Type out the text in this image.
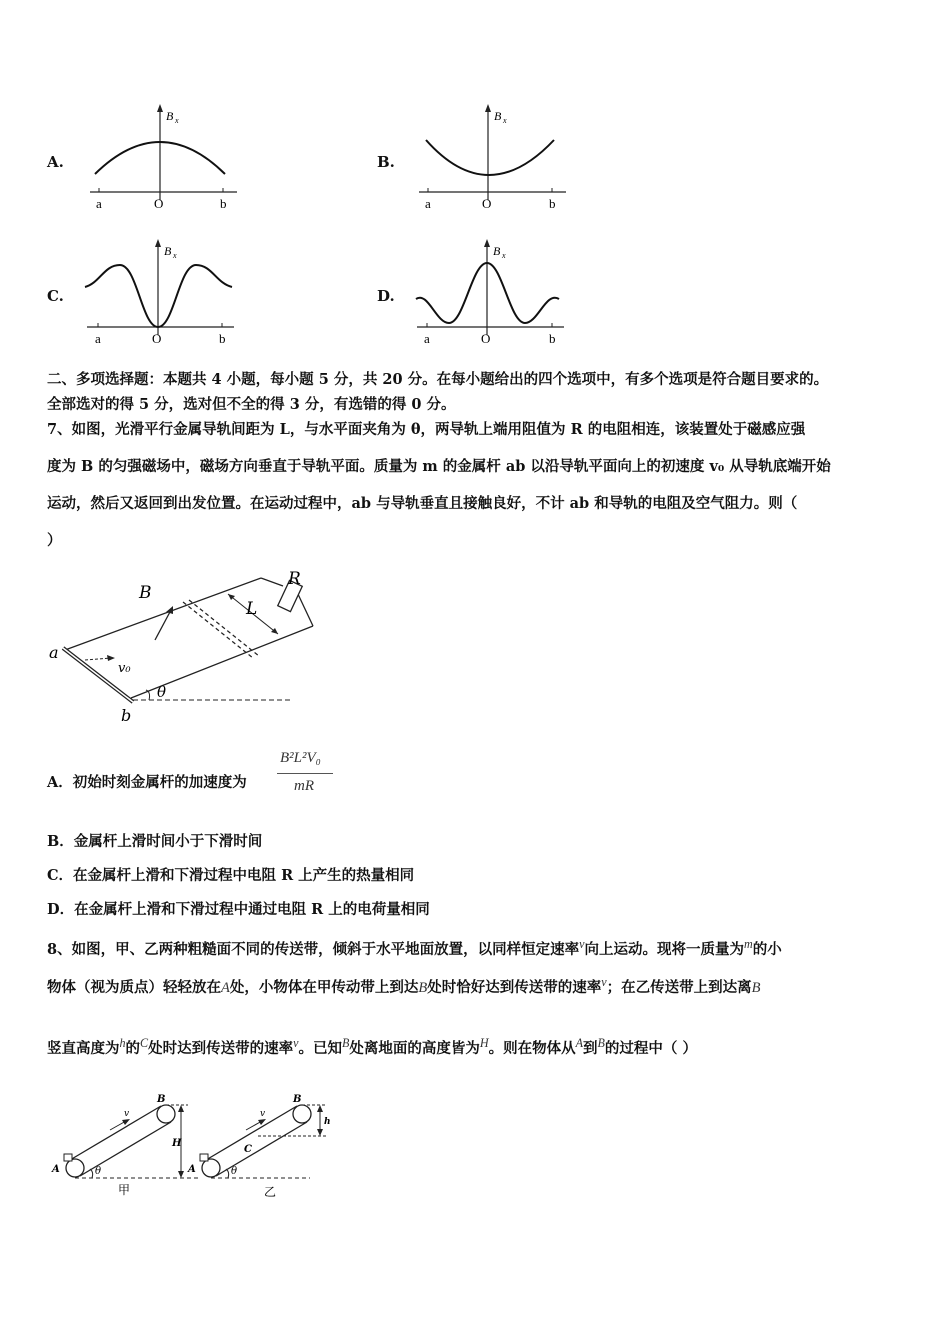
A.
B x
a	O	b
B.
B x
a	O	b
C.
B x
a	O	b
D.
B x
a	O	b
二、多项选择题：本题共 4 小题，每小题 5 分，共 20 分。在每小题给出的四个选项中，有多个选项是符合题目要求的。
全部选对的得 5 分，选对但不全的得 3 分，有选错的得 0 分。
7、如图，光滑平行金属导轨间距为 L，与水平面夹角为 θ，两导轨上端用阻值为 R 的电阻相连，该装置处于磁感应强
度为 B 的匀强磁场中，磁场方向垂直于导轨平面。质量为 m 的金属杆 ab 以沿导轨平面向上的初速度 v₀ 从导轨底端开始
运动，然后又返回到出发位置。在运动过程中，ab 与导轨垂直且接触良好，不计 ab 和导轨的电阻及空气阻力。则（
）
B
R
L
a
b
v₀
θ
A．初始时刻金属杆的加速度为
B²L²V₀
mR
B．金属杆上滑时间小于下滑时间
C．在金属杆上滑和下滑过程中电阻 R 上产生的热量相同
D．在金属杆上滑和下滑过程中通过电阻 R 上的电荷量相同
8、如图，甲、乙两种粗糙面不同的传送带，倾斜于水平地面放置，以同样恒定速率$^v$向上运动。现将一质量为$^m$的小
物体（视为质点）轻轻放在A处，小物体在甲传动带上到达B处时恰好达到传送带的速率$^v$；在乙传送带上到达离B
竖直高度为$^h$的$^C$处时达到传送带的速率$^v$。已知$^B$处离地面的高度皆为$^H$。则在物体从$^A$到$^B$的过程中（ ）
A
B
H
v
θ
甲
A
B
C
h
v
θ
乙
